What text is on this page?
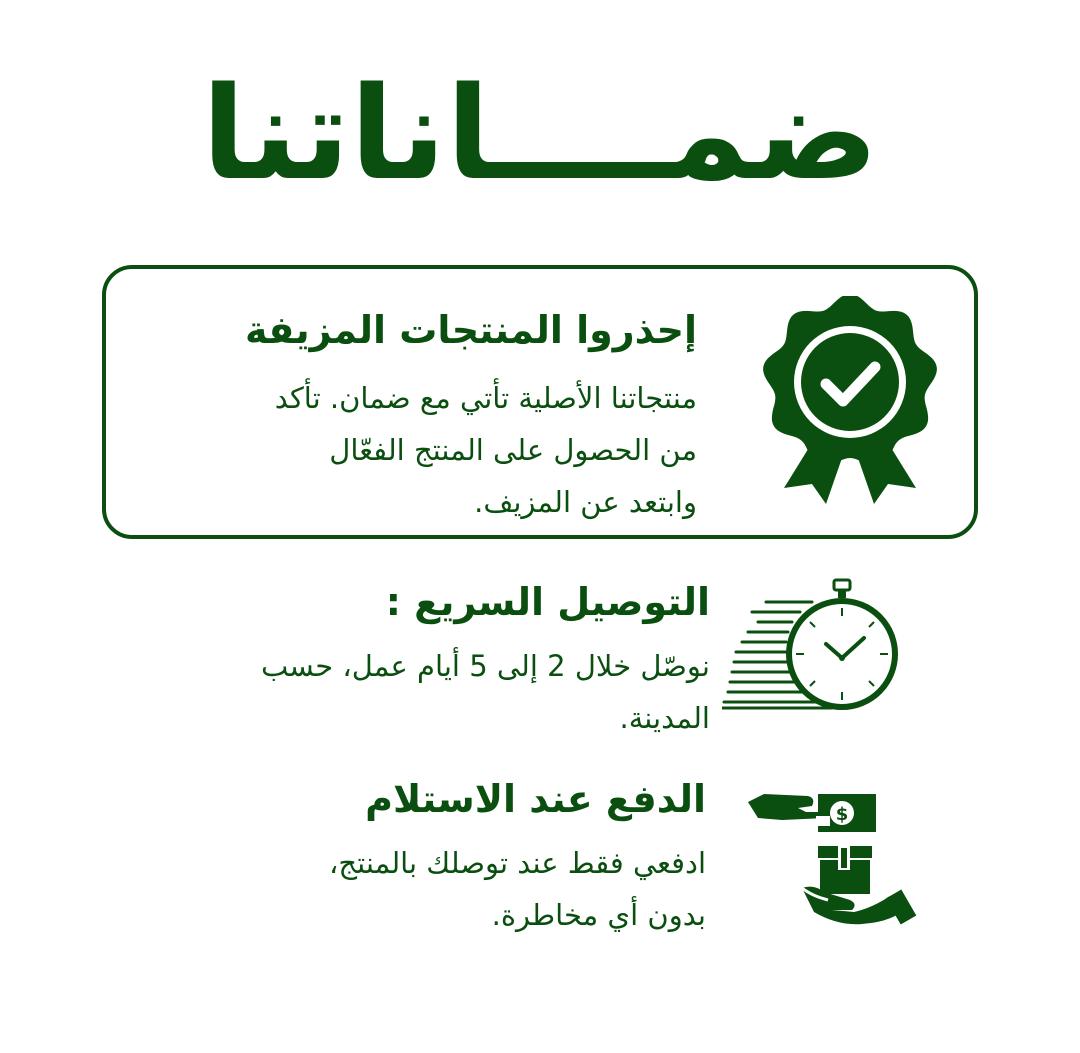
ضمــــاناتنا
إحذروا المنتجات المزيفة
منتجاتنا الأصلية تأتي مع ضمان. تأكد
من الحصول على المنتج الفعّال
وابتعد عن المزيف.
التوصيل السريع :
نوصّل خلال 2 إلى 5 أيام عمل، حسب
المدينة.
الدفع عند الاستلام
ادفعي فقط عند توصلك بالمنتج،
بدون أي مخاطرة.
$
